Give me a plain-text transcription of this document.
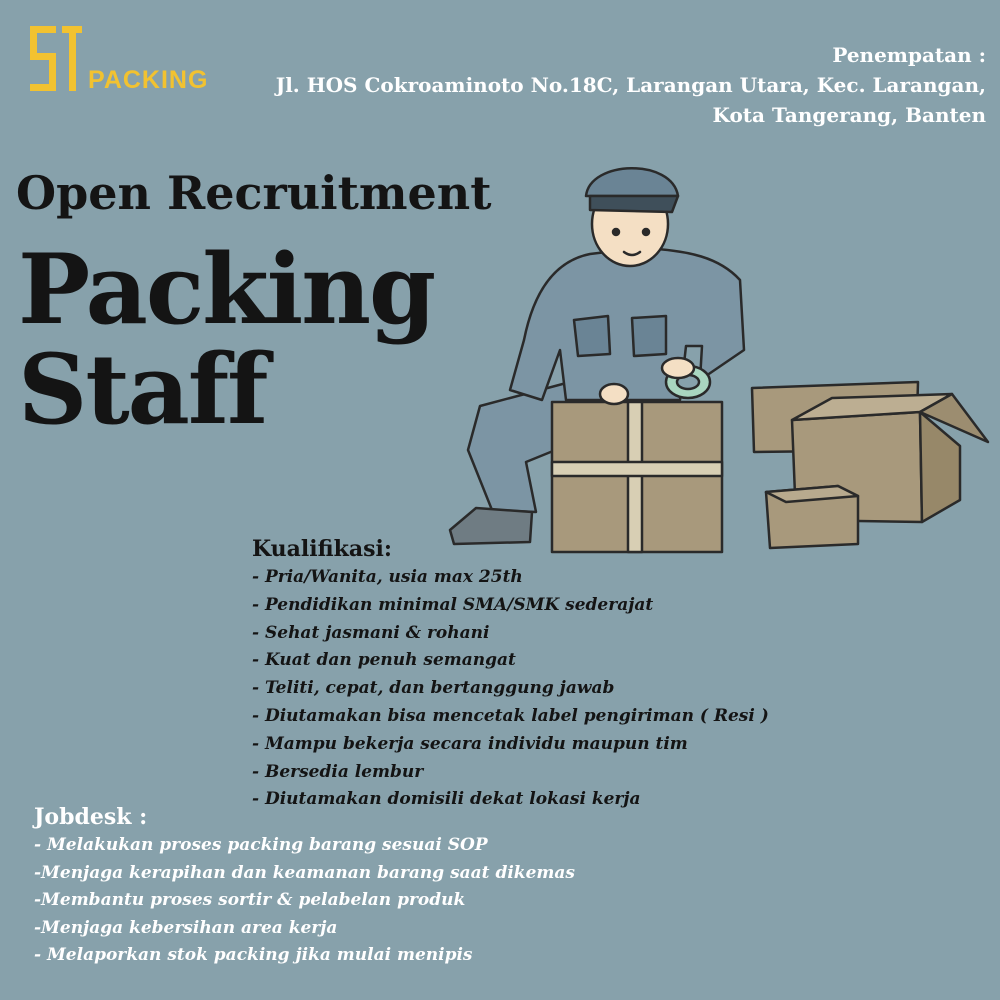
PACKING
Penempatan :
Jl. HOS Cokroaminoto No.18C, Larangan Utara, Kec. Larangan,
Kota Tangerang, Banten
Open Recruitment
Packing
Staff
Kualifikasi:
- Pria/Wanita, usia max 25th
- Pendidikan minimal SMA/SMK sederajat
- Sehat jasmani & rohani
- Kuat dan penuh semangat
- Teliti, cepat, dan bertanggung jawab
- Diutamakan bisa mencetak label pengiriman ( Resi )
- Mampu bekerja secara individu maupun tim
- Bersedia lembur
- Diutamakan domisili dekat lokasi kerja
Jobdesk :
- Melakukan proses packing barang sesuai SOP
-Menjaga kerapihan dan keamanan barang saat dikemas
-Membantu proses sortir & pelabelan produk
-Menjaga kebersihan area kerja
- Melaporkan stok packing jika mulai menipis
